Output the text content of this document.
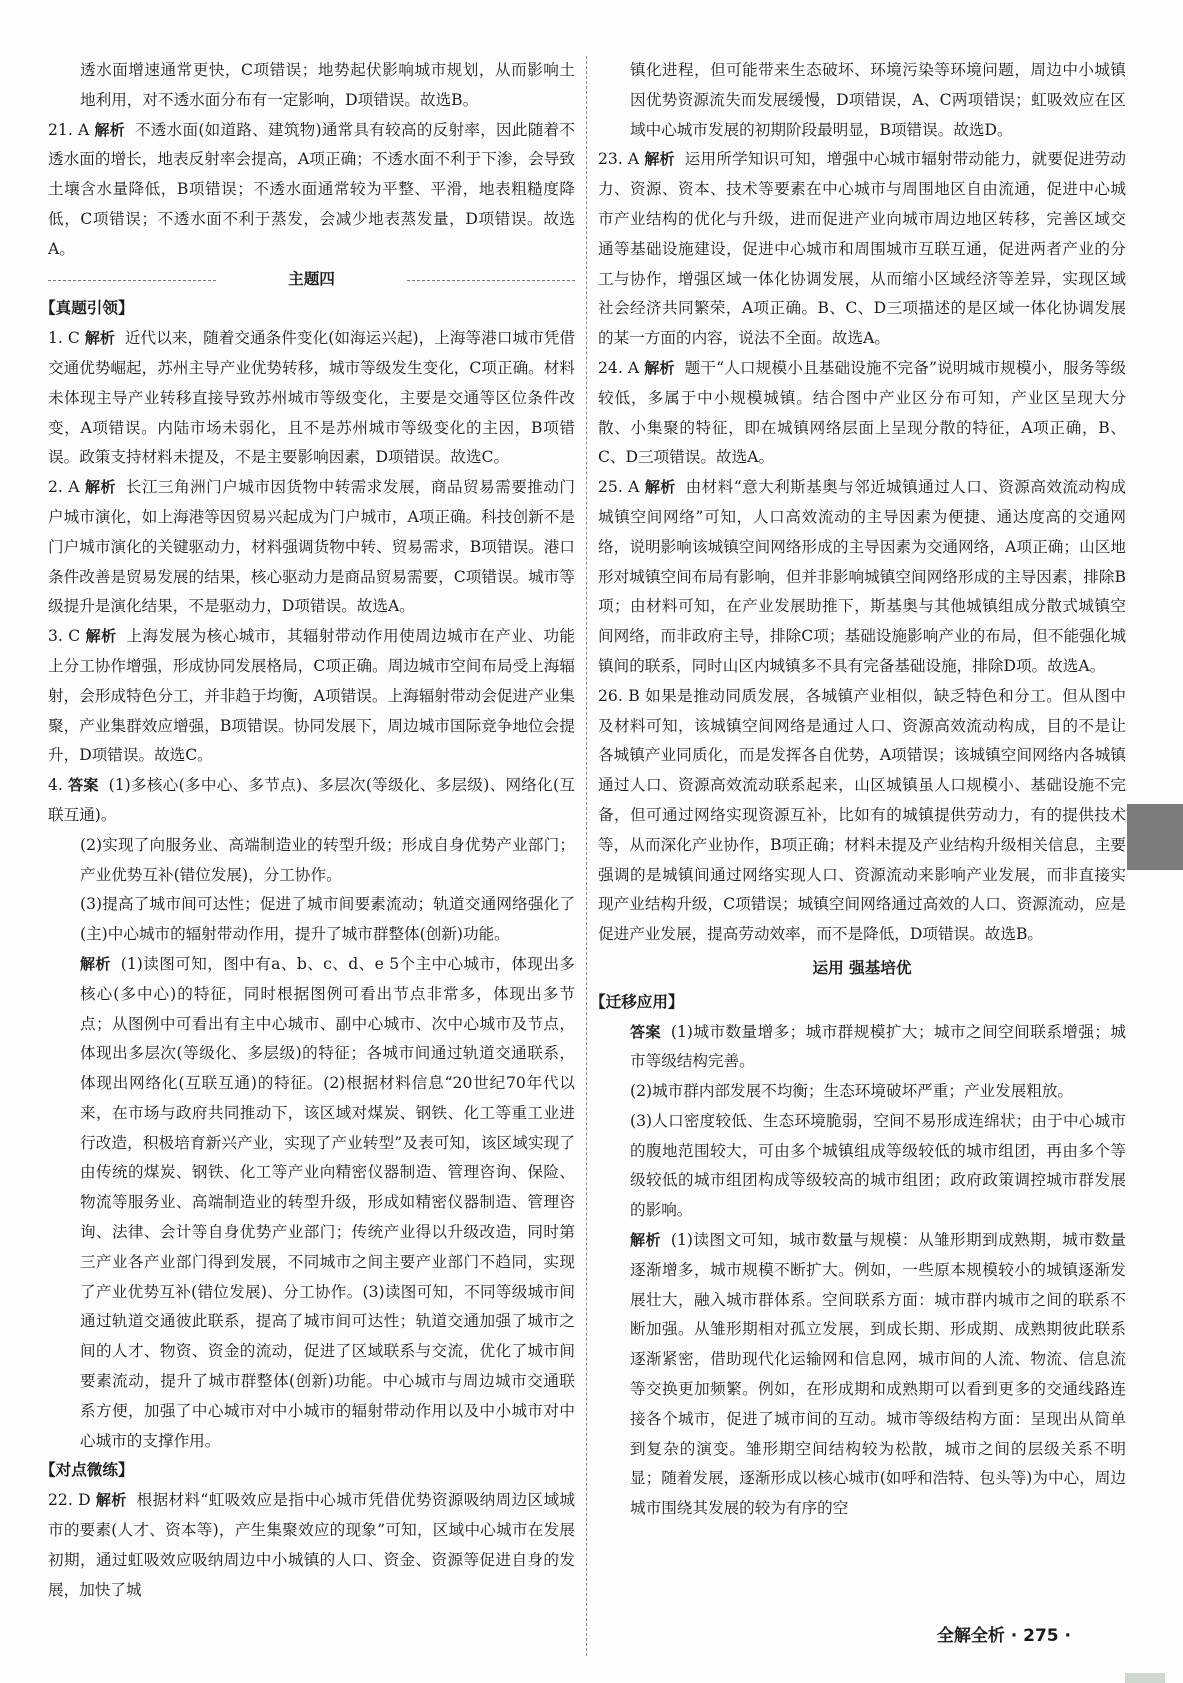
透水面增速通常更快，C项错误；地势起伏影响城市规划，从而影响土地利用，对不透水面分布有一定影响，D项错误。故选B。

21. A 解析 不透水面(如道路、建筑物)通常具有较高的反射率，因此随着不透水面的增长，地表反射率会提高，A项正确；不透水面不利于下渗，会导致土壤含水量降低，B项错误；不透水面通常较为平整、平滑，地表粗糙度降低，C项错误；不透水面不利于蒸发，会减少地表蒸发量，D项错误。故选A。

主题四

【真题引领】

1. C 解析 近代以来，随着交通条件变化(如海运兴起)，上海等港口城市凭借交通优势崛起，苏州主导产业优势转移，城市等级发生变化，C项正确。材料未体现主导产业转移直接导致苏州城市等级变化，主要是交通等区位条件改变，A项错误。内陆市场未弱化，且不是苏州城市等级变化的主因，B项错误。政策支持材料未提及，不是主要影响因素，D项错误。故选C。

2. A 解析 长江三角洲门户城市因货物中转需求发展，商品贸易需要推动门户城市演化，如上海港等因贸易兴起成为门户城市，A项正确。科技创新不是门户城市演化的关键驱动力，材料强调货物中转、贸易需求，B项错误。港口条件改善是贸易发展的结果，核心驱动力是商品贸易需要，C项错误。城市等级提升是演化结果，不是驱动力，D项错误。故选A。

3. C 解析 上海发展为核心城市，其辐射带动作用使周边城市在产业、功能上分工协作增强，形成协同发展格局，C项正确。周边城市空间布局受上海辐射，会形成特色分工，并非趋于均衡，A项错误。上海辐射带动会促进产业集聚，产业集群效应增强，B项错误。协同发展下，周边城市国际竞争地位会提升，D项错误。故选C。

4. 答案 (1)多核心(多中心、多节点)、多层次(等级化、多层级)、网络化(互联互通)。

(2)实现了向服务业、高端制造业的转型升级；形成自身优势产业部门；产业优势互补(错位发展)，分工协作。

(3)提高了城市间可达性；促进了城市间要素流动；轨道交通网络强化了(主)中心城市的辐射带动作用，提升了城市群整体(创新)功能。

解析 (1)读图可知，图中有a、b、c、d、e 5个主中心城市，体现出多核心(多中心)的特征，同时根据图例可看出节点非常多，体现出多节点；从图例中可看出有主中心城市、副中心城市、次中心城市及节点，体现出多层次(等级化、多层级)的特征；各城市间通过轨道交通联系，体现出网络化(互联互通)的特征。(2)根据材料信息“20世纪70年代以来，在市场与政府共同推动下，该区域对煤炭、钢铁、化工等重工业进行改造，积极培育新兴产业，实现了产业转型”及表可知，该区域实现了由传统的煤炭、钢铁、化工等产业向精密仪器制造、管理咨询、保险、物流等服务业、高端制造业的转型升级，形成如精密仪器制造、管理咨询、法律、会计等自身优势产业部门；传统产业得以升级改造，同时第三产业各产业部门得到发展，不同城市之间主要产业部门不趋同，实现了产业优势互补(错位发展)、分工协作。(3)读图可知，不同等级城市间通过轨道交通彼此联系，提高了城市间可达性；轨道交通加强了城市之间的人才、物资、资金的流动，促进了区域联系与交流，优化了城市间要素流动，提升了城市群整体(创新)功能。中心城市与周边城市交通联系方便，加强了中心城市对中小城市的辐射带动作用以及中小城市对中心城市的支撑作用。

【对点微练】

22. D 解析 根据材料“虹吸效应是指中心城市凭借优势资源吸纳周边区域城市的要素(人才、资本等)，产生集聚效应的现象”可知，区域中心城市在发展初期，通过虹吸效应吸纳周边中小城镇的人口、资金、资源等促进自身的发展，加快了城

镇化进程，但可能带来生态破坏、环境污染等环境问题，周边中小城镇因优势资源流失而发展缓慢，D项错误，A、C两项错误；虹吸效应在区域中心城市发展的初期阶段最明显，B项错误。故选D。

23. A 解析 运用所学知识可知，增强中心城市辐射带动能力，就要促进劳动力、资源、资本、技术等要素在中心城市与周围地区自由流通，促进中心城市产业结构的优化与升级，进而促进产业向城市周边地区转移，完善区域交通等基础设施建设，促进中心城市和周围城市互联互通，促进两者产业的分工与协作，增强区域一体化协调发展，从而缩小区域经济等差异，实现区域社会经济共同繁荣，A项正确。B、C、D三项描述的是区域一体化协调发展的某一方面的内容，说法不全面。故选A。

24. A 解析 题干“人口规模小且基础设施不完备”说明城市规模小，服务等级较低，多属于中小规模城镇。结合图中产业区分布可知，产业区呈现大分散、小集聚的特征，即在城镇网络层面上呈现分散的特征，A项正确，B、C、D三项错误。故选A。

25. A 解析 由材料“意大利斯基奥与邻近城镇通过人口、资源高效流动构成城镇空间网络”可知，人口高效流动的主导因素为便捷、通达度高的交通网络，说明影响该城镇空间网络形成的主导因素为交通网络，A项正确；山区地形对城镇空间布局有影响，但并非影响城镇空间网络形成的主导因素，排除B项；由材料可知，在产业发展助推下，斯基奥与其他城镇组成分散式城镇空间网络，而非政府主导，排除C项；基础设施影响产业的布局，但不能强化城镇间的联系，同时山区内城镇多不具有完备基础设施，排除D项。故选A。

26. B 如果是推动同质发展，各城镇产业相似，缺乏特色和分工。但从图中及材料可知，该城镇空间网络是通过人口、资源高效流动构成，目的不是让各城镇产业同质化，而是发挥各自优势，A项错误；该城镇空间网络内各城镇通过人口、资源高效流动联系起来，山区城镇虽人口规模小、基础设施不完备，但可通过网络实现资源互补，比如有的城镇提供劳动力，有的提供技术等，从而深化产业协作，B项正确；材料未提及产业结构升级相关信息，主要强调的是城镇间通过网络实现人口、资源流动来影响产业发展，而非直接实现产业结构升级，C项错误；城镇空间网络通过高效的人口、资源流动，应是促进产业发展，提高劳动效率，而不是降低，D项错误。故选B。

运用 强基培优

【迁移应用】

答案 (1)城市数量增多；城市群规模扩大；城市之间空间联系增强；城市等级结构完善。

(2)城市群内部发展不均衡；生态环境破坏严重；产业发展粗放。

(3)人口密度较低、生态环境脆弱，空间不易形成连绵状；由于中心城市的腹地范围较大，可由多个城镇组成等级较低的城市组团，再由多个等级较低的城市组团构成等级较高的城市组团；政府政策调控城市群发展的影响。

解析 (1)读图文可知，城市数量与规模：从雏形期到成熟期，城市数量逐渐增多，城市规模不断扩大。例如，一些原本规模较小的城镇逐渐发展壮大，融入城市群体系。空间联系方面：城市群内城市之间的联系不断加强。从雏形期相对孤立发展，到成长期、形成期、成熟期彼此联系逐渐紧密，借助现代化运输网和信息网，城市间的人流、物流、信息流等交换更加频繁。例如，在形成期和成熟期可以看到更多的交通线路连接各个城市，促进了城市间的互动。城市等级结构方面：呈现出从简单到复杂的演变。雏形期空间结构较为松散，城市之间的层级关系不明显；随着发展，逐渐形成以核心城市(如呼和浩特、包头等)为中心，周边城市围绕其发展的较为有序的空

全解全析 · 275 ·
